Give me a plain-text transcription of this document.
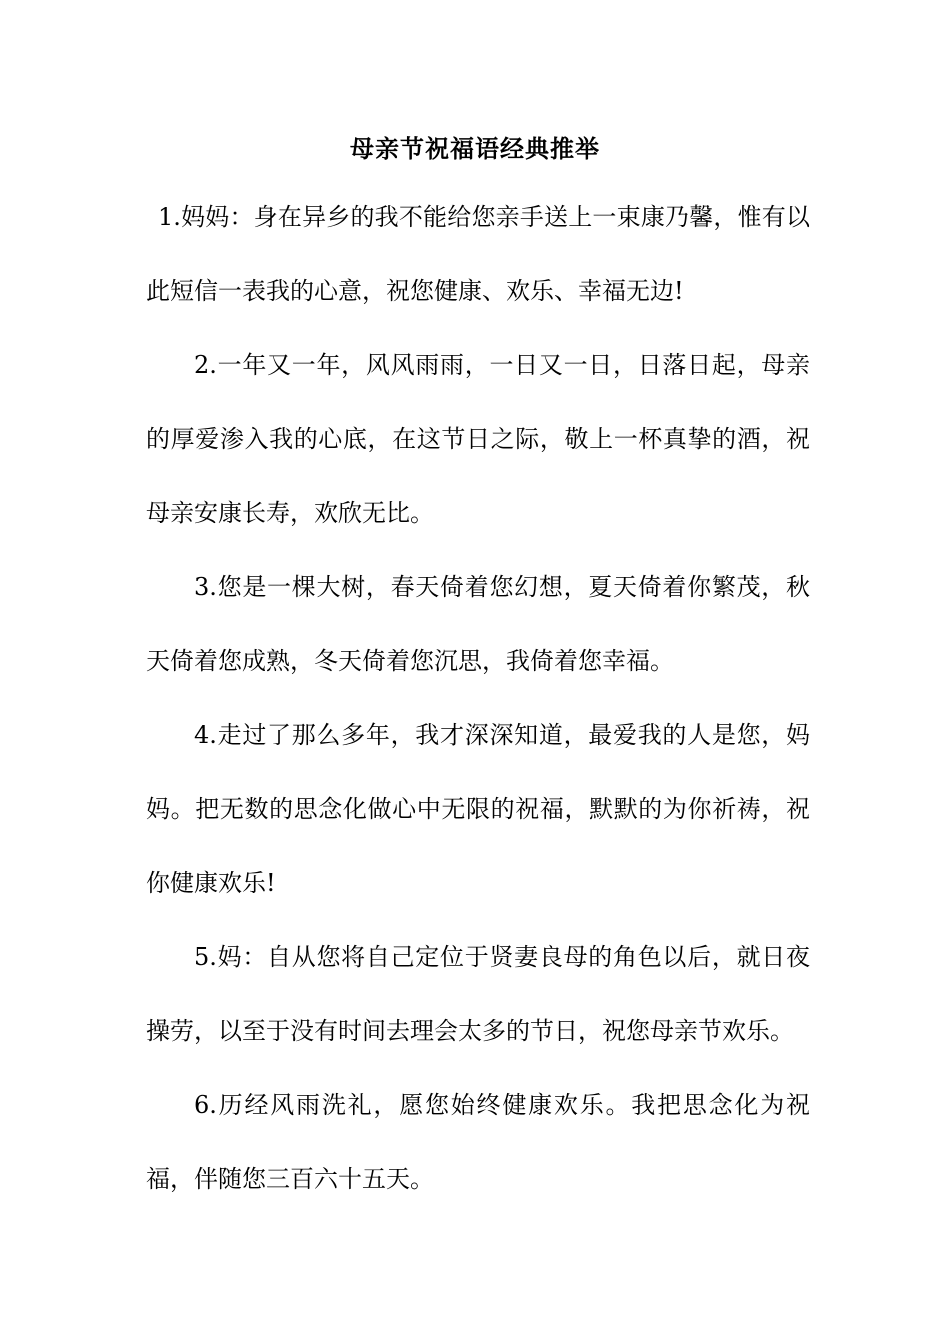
母亲节祝福语经典推举

1.妈妈：身在异乡的我不能给您亲手送上一束康乃馨，惟有以此短信一表我的心意，祝您健康、欢乐、幸福无边!

2.一年又一年，风风雨雨，一日又一日，日落日起，母亲的厚爱渗入我的心底，在这节日之际，敬上一杯真挚的酒，祝母亲安康长寿，欢欣无比。

3.您是一棵大树，春天倚着您幻想，夏天倚着你繁茂，秋天倚着您成熟，冬天倚着您沉思，我倚着您幸福。

4.走过了那么多年，我才深深知道，最爱我的人是您，妈妈。把无数的思念化做心中无限的祝福，默默的为你祈祷，祝你健康欢乐!

5.妈：自从您将自己定位于贤妻良母的角色以后，就日夜操劳，以至于没有时间去理会太多的节日，祝您母亲节欢乐。

6.历经风雨洗礼，愿您始终健康欢乐。我把思念化为祝福，伴随您三百六十五天。
